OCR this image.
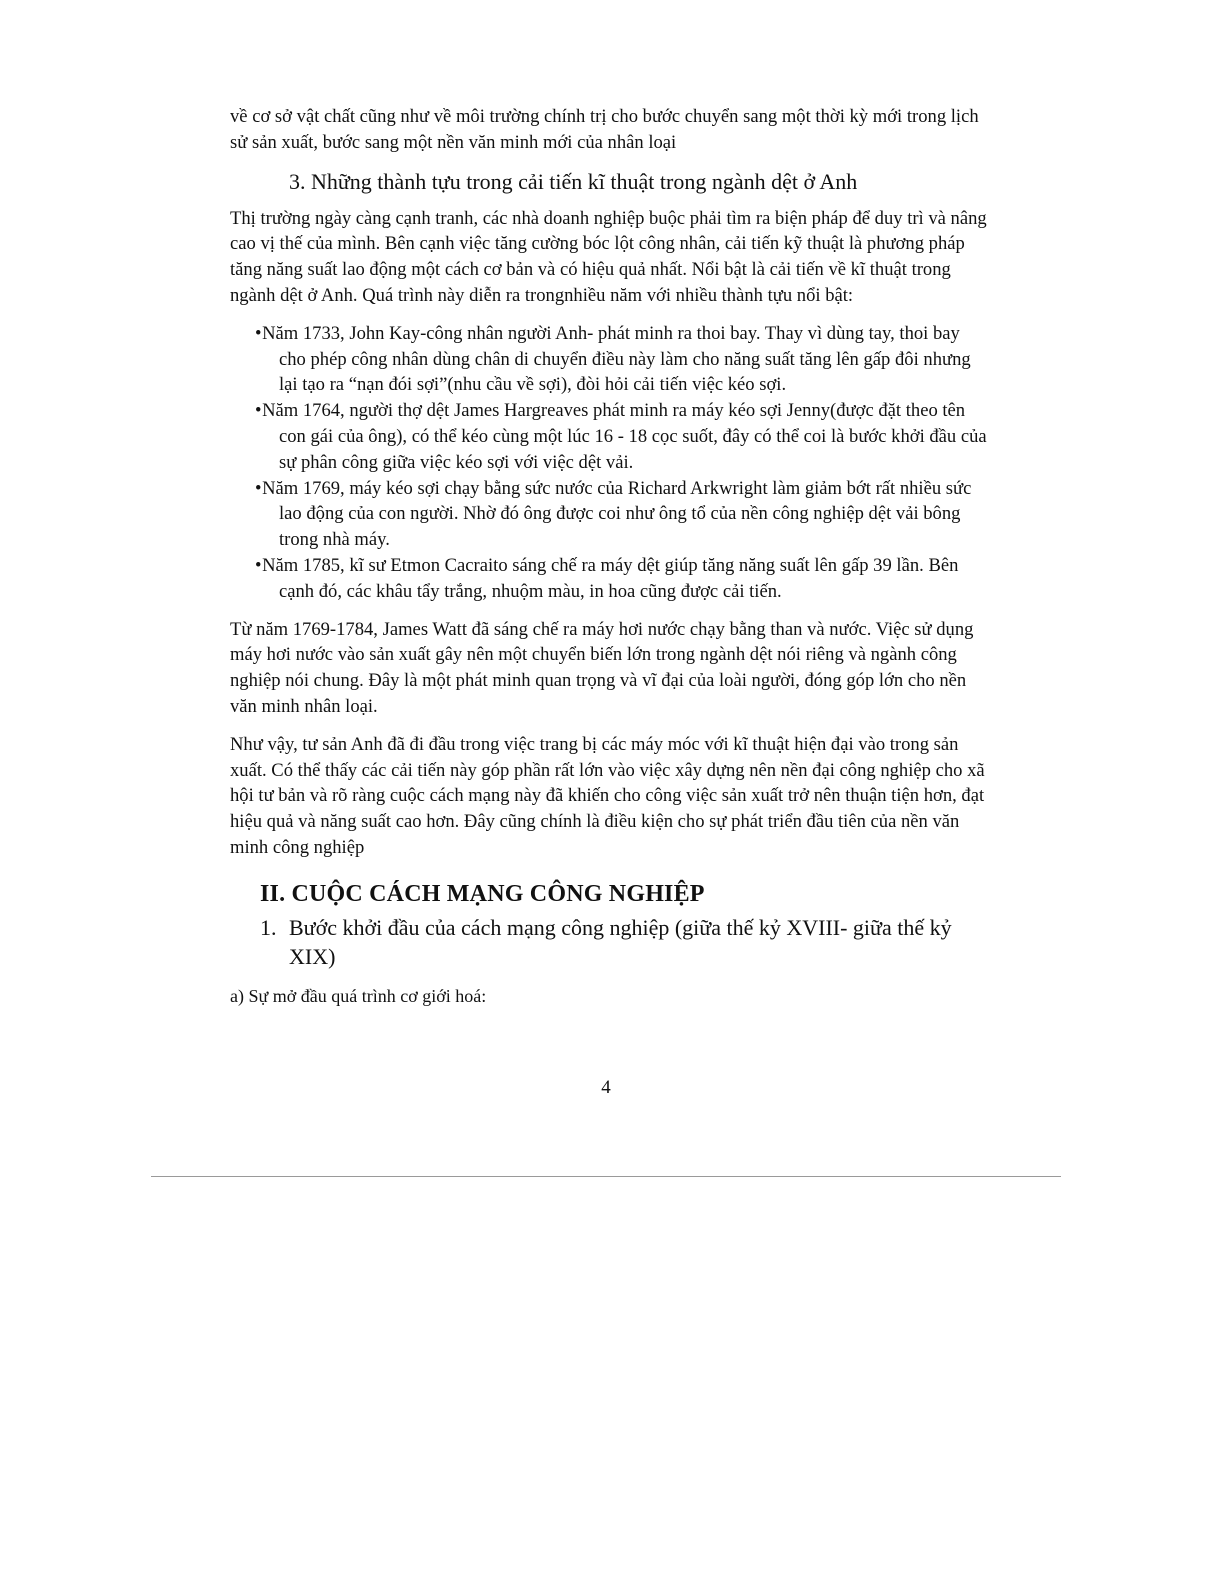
về cơ sở vật chất cũng như về môi trường chính trị cho bước chuyển sang một thời kỳ mới trong lịch sử sản xuất, bước sang một nền văn minh mới của nhân loại

3. Những thành tựu trong cải tiến kĩ thuật trong ngành dệt ở Anh

Thị trường ngày càng cạnh tranh, các nhà doanh nghiệp buộc phải tìm ra biện pháp để duy trì và nâng cao vị thế của mình. Bên cạnh việc tăng cường bóc lột công nhân, cải tiến kỹ thuật là phương pháp tăng năng suất lao động một cách cơ bản và có hiệu quả nhất. Nổi bật là cải tiến về kĩ thuật trong ngành dệt ở Anh. Quá trình này diễn ra trongnhiều năm với nhiều thành tựu nổi bật:

•Năm 1733, John Kay-công nhân người Anh- phát minh ra thoi bay. Thay vì dùng tay, thoi bay cho phép công nhân dùng chân di chuyển điều này làm cho năng suất tăng lên gấp đôi nhưng lại tạo ra “nạn đói sợi”(nhu cầu về sợi), đòi hỏi cải tiến việc kéo sợi.
•Năm 1764, người thợ dệt James Hargreaves phát minh ra máy kéo sợi Jenny(được đặt theo tên con gái của ông), có thể kéo cùng một lúc 16 - 18 cọc suốt, đây có thể coi là bước khởi đầu của sự phân công giữa việc kéo sợi với việc dệt vải.
•Năm 1769, máy kéo sợi chạy bằng sức nước của Richard Arkwright làm giảm bớt rất nhiều sức lao động của con người. Nhờ đó ông được coi như ông tổ của nền công nghiệp dệt vải bông trong nhà máy.
•Năm 1785, kĩ sư Etmon Cacraito sáng chế ra máy dệt giúp tăng năng suất lên gấp 39 lần. Bên cạnh đó, các khâu tẩy trắng, nhuộm màu, in hoa cũng được cải tiến.

Từ năm 1769-1784, James Watt đã sáng chế ra máy hơi nước chạy bằng than và nước. Việc sử dụng máy hơi nước vào sản xuất gây nên một chuyển biến lớn trong ngành dệt nói riêng và ngành công nghiệp nói chung. Đây là một phát minh quan trọng và vĩ đại của loài người, đóng góp lớn cho nền văn minh nhân loại.

Như vậy, tư sản Anh đã đi đầu trong việc trang bị các máy móc với kĩ thuật hiện đại vào trong sản xuất. Có thể thấy các cải tiến này góp phần rất lớn vào việc xây dựng nên nền đại công nghiệp cho xã hội tư bản và rõ ràng cuộc cách mạng này đã khiến cho công việc sản xuất trở nên thuận tiện hơn, đạt hiệu quả và năng suất cao hơn. Đây cũng chính là điều kiện cho sự phát triển đầu tiên của nền văn minh công nghiệp

II. CUỘC CÁCH MẠNG CÔNG NGHIỆP
1. Bước khởi đầu của cách mạng công nghiệp (giữa thế kỷ XVIII- giữa thế kỷ XIX)

a) Sự mở đầu quá trình cơ giới hoá:

4
